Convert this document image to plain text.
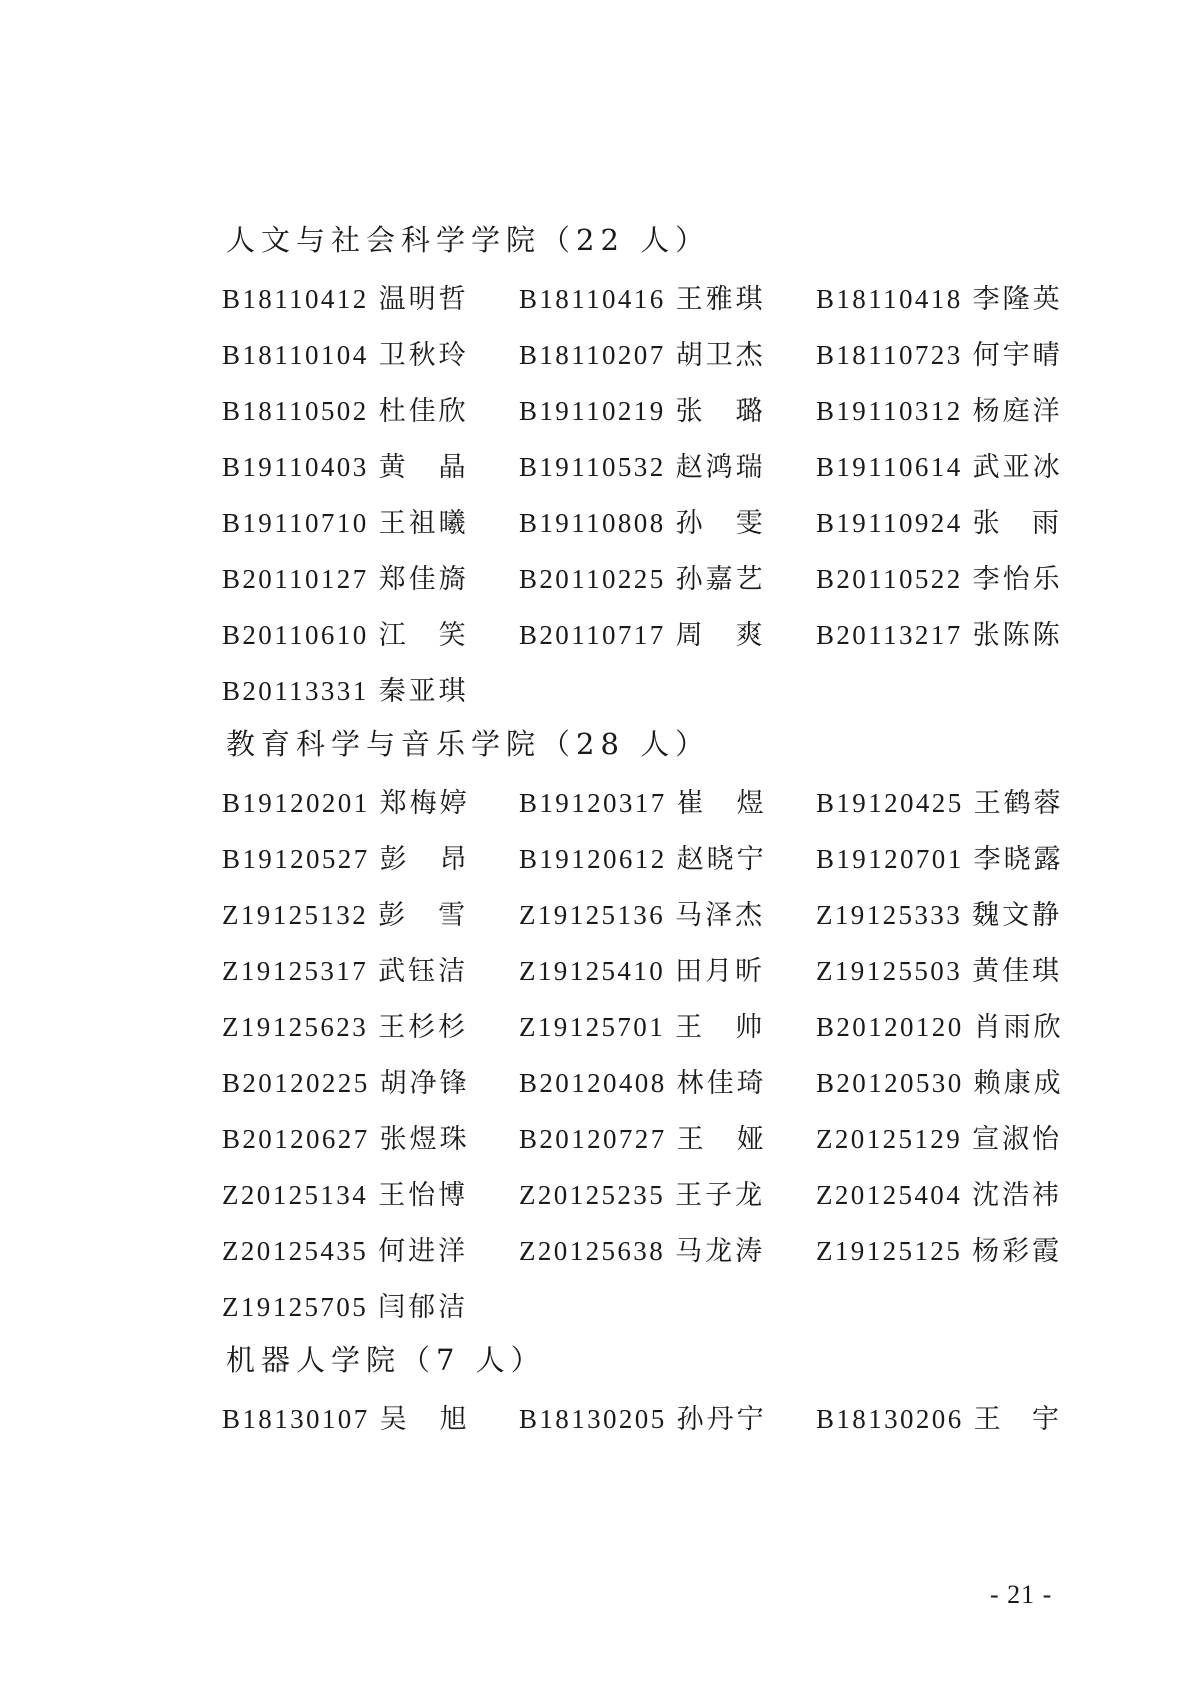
人文与社会科学学院（22 人）
B18110412 温明哲 B18110416 王雅琪 B18110418 李隆英
B18110104 卫秋玲 B18110207 胡卫杰 B18110723 何宇晴
B18110502 杜佳欣 B19110219 张 璐 B19110312 杨庭洋
B19110403 黄 晶 B19110532 赵鸿瑞 B19110614 武亚冰
B19110710 王祖曦 B19110808 孙 雯 B19110924 张 雨
B20110127 郑佳旖 B20110225 孙嘉艺 B20110522 李怡乐
B20110610 江 笑 B20110717 周 爽 B20113217 张陈陈
B20113331 秦亚琪
教育科学与音乐学院（28 人）
B19120201 郑梅婷 B19120317 崔 煜 B19120425 王鹤蓉
B19120527 彭 昂 B19120612 赵晓宁 B19120701 李晓露
Z19125132 彭 雪 Z19125136 马泽杰 Z19125333 魏文静
Z19125317 武钰洁 Z19125410 田月昕 Z19125503 黄佳琪
Z19125623 王杉杉 Z19125701 王 帅 B20120120 肖雨欣
B20120225 胡净锋 B20120408 林佳琦 B20120530 赖康成
B20120627 张煜珠 B20120727 王 娅 Z20125129 宣淑怡
Z20125134 王怡博 Z20125235 王子龙 Z20125404 沈浩祎
Z20125435 何进洋 Z20125638 马龙涛 Z19125125 杨彩霞
Z19125705 闫郁洁
机器人学院（7 人）
B18130107 吴 旭 B18130205 孙丹宁 B18130206 王 宇
- 21 -
